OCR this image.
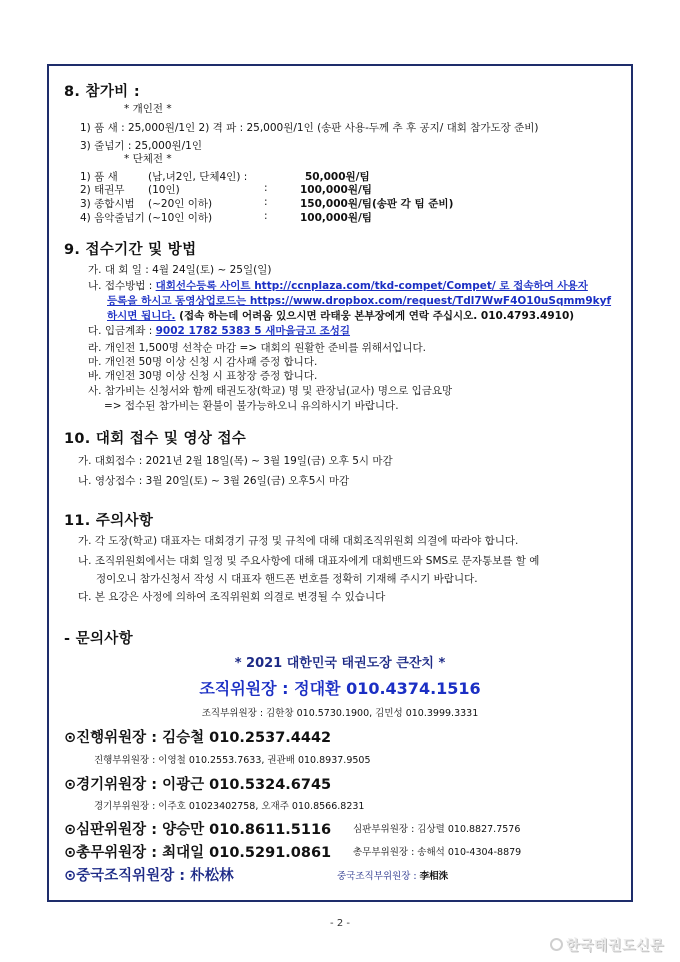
8. 참가비 :
* 개인전 *
1) 품 새 : 25,000원/1인 2) 격 파 : 25,000원/1인 (송판 사용-두께 추 후 공지/ 대회 참가도장 준비)
3) 줄넘기 : 25,000원/1인
* 단체전 *
1) 품 새	(남,녀2인, 단체4인) :	50,000원/팀
2) 태권무 (10인)	:	100,000원/팀
3) 종합시범 (~20인 이하)	:	150,000원/팀(송판 각 팀 준비)
4) 음악줄넘기 (~10인 이하)	:	100,000원/팀
9. 접수기간 및 방법
가. 대 회 일 : 4월 24일(토) ~ 25일(일)
나. 접수방법 : 대회선수등록 사이트 http://ccnplaza.com/tkd-compet/Compet/ 로 접속하여 사용자
등록을 하시고 동영상업로드는 https://www.dropbox.com/request/Tdl7WwF4O10uSqmm9kyf
하시면 됩니다. (접속 하는데 어려움 있으시면 라태웅 본부장에게 연락 주십시오. 010.4793.4910)
다. 입금계좌 : 9002 1782 5383 5 새마을금고 조성길
라. 개인전 1,500명 선착순 마감 => 대회의 원활한 준비를 위해서입니다.
마. 개인전 50명 이상 신청 시 감사패 증정 합니다.
바. 개인전 30명 이상 신청 시 표창장 증정 합니다.
사. 참가비는 신청서와 함께 태권도장(학교) 명 및 관장님(교사) 명으로 입금요망
=> 접수된 참가비는 환불이 불가능하오니 유의하시기 바랍니다.
10. 대회 접수 및 영상 접수
가. 대회접수 : 2021년 2월 18일(목) ~ 3월 19일(금) 오후 5시 마감
나. 영상접수 : 3월 20일(토) ~ 3월 26일(금) 오후5시 마감
11. 주의사항
가. 각 도장(학교) 대표자는 대회경기 규정 및 규칙에 대해 대회조직위원회 의결에 따라야 합니다.
나. 조직위원회에서는 대회 일정 및 주요사항에 대해 대표자에게 대회밴드와 SMS로 문자통보를 할 예
정이오니 참가신청서 작성 시 대표자 핸드폰 번호를 정확히 기재해 주시기 바랍니다.
다. 본 요강은 사정에 의하여 조직위원회 의결로 변경될 수 있습니다
- 문의사항
* 2021 대한민국 태권도장 큰잔치 *
조직위원장 : 정대환 010.4374.1516
조직부위원장 : 김한창 010.5730.1900, 김민성 010.3999.3331
⊙진행위원장 : 김승철 010.2537.4442
진행부위원장 : 이영철 010.2553.7633, 권관배 010.8937.9505
⊙경기위원장 : 이광근 010.5324.6745
경기부위원장 : 이주호 01023402758, 오재주 010.8566.8231
⊙심판위원장 : 양승만 010.8611.5116 심판부위원장 : 김상렬 010.8827.7576
⊙총무위원장 : 최대일 010.5291.0861 총무부위원장 : 송해석 010-4304-8879
⊙중국조직위원장 : 朴松林	중국조직부위원장 : 李相洙
- 2 -
한국태권도신문
